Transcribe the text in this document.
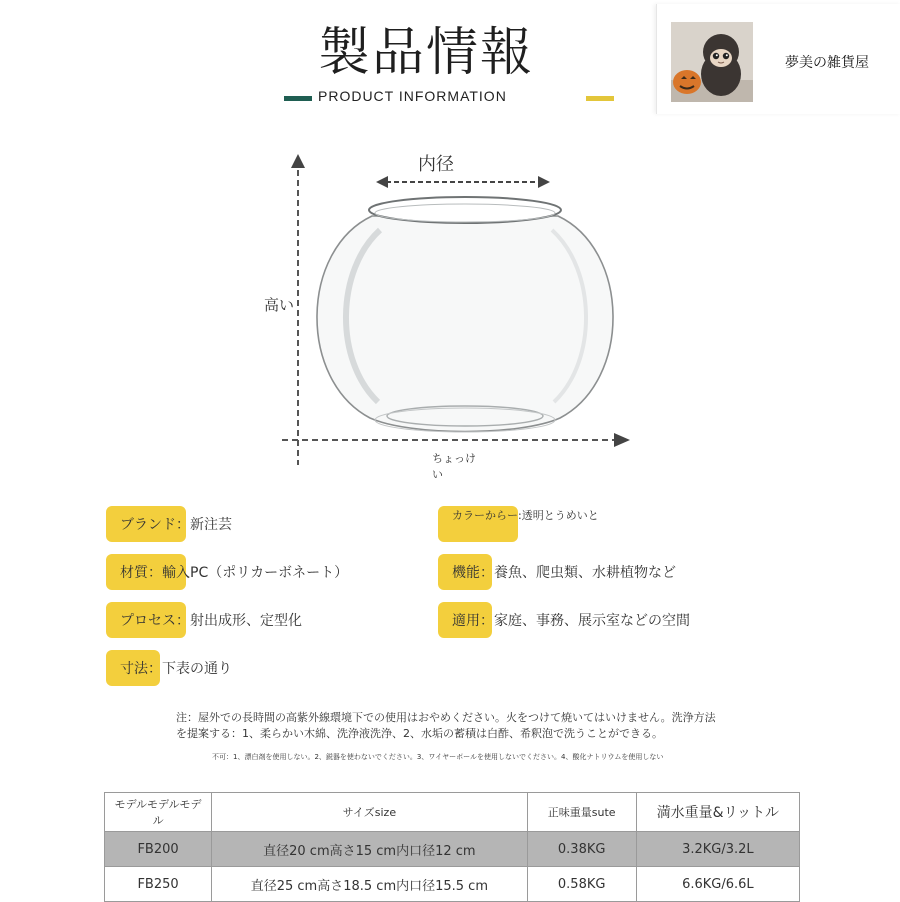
製品情報
PRODUCT INFORMATION
夢美の雑貨屋
内径
高い
ちょっけ
い
ブランド：新注芸
カラーからー:透明とうめいと
材質：輸入PC（ポリカーボネート）	機能：養魚、爬虫類、水耕植物など
プロセス：射出成形、定型化	適用：家庭、事務、展示室などの空間
寸法：下表の通り
注：屋外での長時間の高紫外線環境下での使用はおやめください。火をつけて焼いてはいけません。洗浄方法を提案する：1、柔らかい木綿、洗浄液洗浄、2、水垢の蓄積は白酢、希釈泡で洗うことができる。
不可：1、漂白剤を使用しない。2、鋭器を使わないでください。3、ワイヤーボールを使用しないでください。4、酸化ナトリウムを使用しない
モデルモデルモデル	サイズsize	正味重量sute	満水重量&リットル
FB200	直径20 cm高さ15 cm内口径12 cm	0.38KG	3.2KG/3.2L
FB250	直径25 cm高さ18.5 cm内口径15.5 cm	0.58KG	6.6KG/6.6L
